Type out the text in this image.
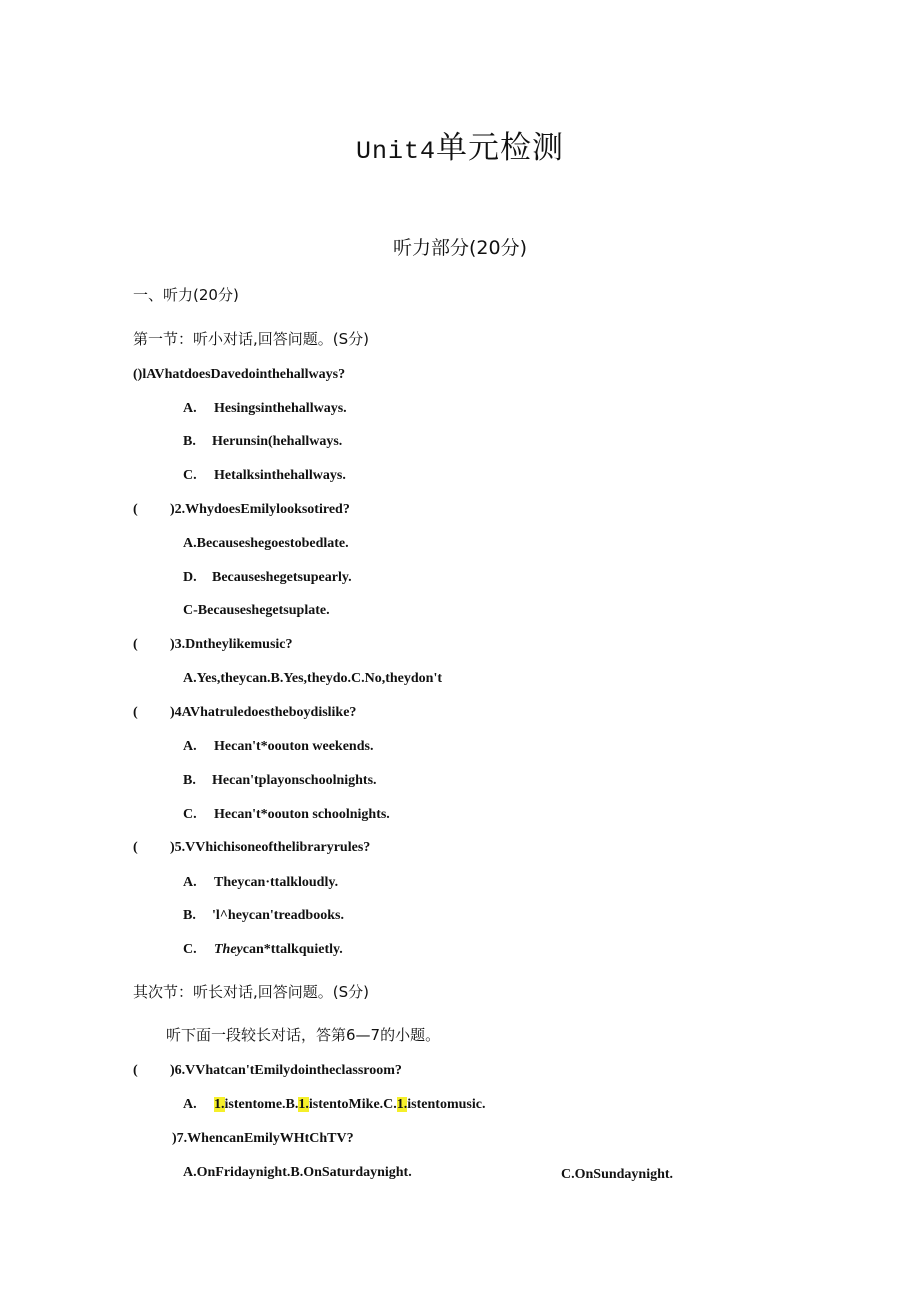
Unit4单元检测
听力部分(20分)
一、听力(20分)
第一节：听小对话,回答问题。(S分)
()lAVhatdoesDavedointhehallways?
A. Hesingsinthehallways.
B. Herunsin(hehallways.
C. Hetalksinthehallways.
( )2.WhydoesEmilylooksotired?
A.Becauseshegoestobedlate.
D. Becauseshegetsupearly.
C-Becauseshegetsuplate.
( )3.Dntheylikemusic?
A.Yes,theycan.B.Yes,theydo.C.No,theydon't
( )4AVhatruledoestheboydislike?
A. Hecan't*oouton weekends.
B. Hecan'tplayonschoolnights.
C. Hecan't*oouton schoolnights.
( )5.VVhichisoneofthelibraryrules?
A. Theycan·ttalkloudly.
B. 'l^heycan'treadbooks.
C. Theycan*ttalkquietly.
其次节：听长对话,回答问题。(S分)
听下面一段较长对话，答第6—7的小题。
( )6.VVhatcan'tEmilydointheclassroom?
A. 1.istentome.B.1.istentoMike.C.1.istentomusic.
)7.WhencanEmilyWHtChTV?
A.OnFridaynight.B.OnSaturdaynight.	C.OnSundaynight.
